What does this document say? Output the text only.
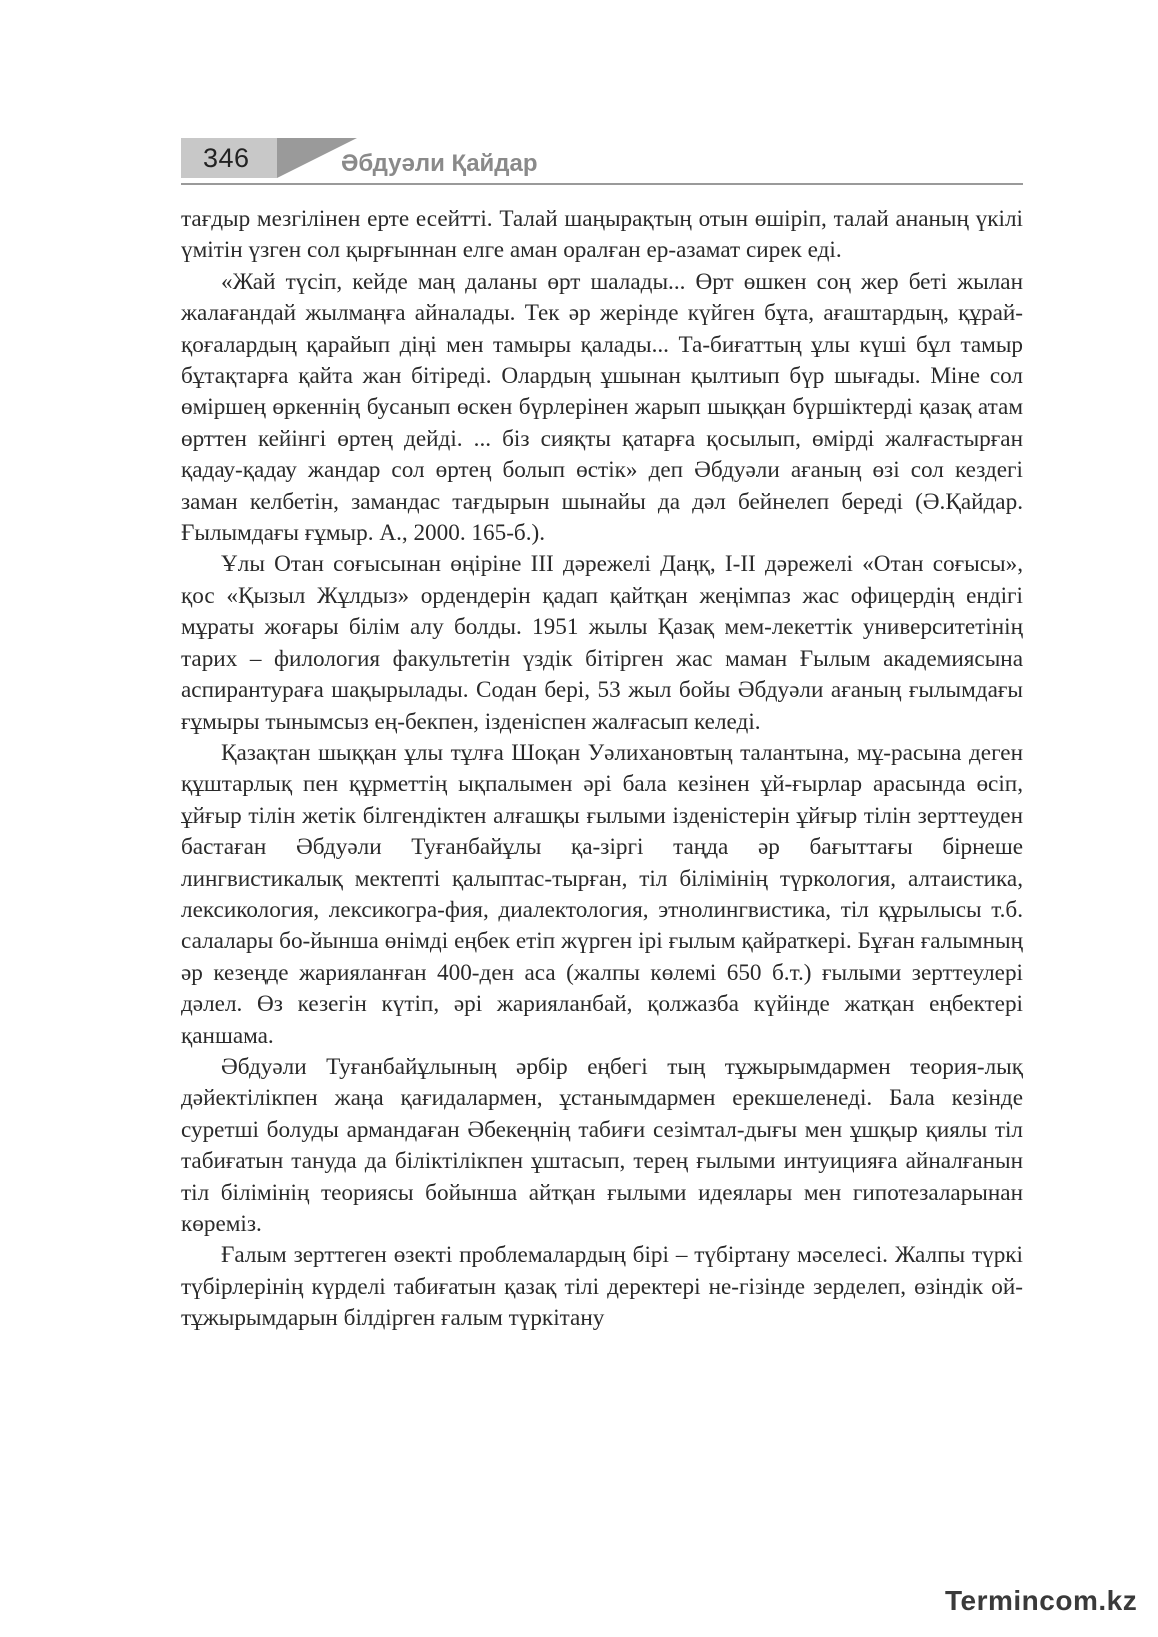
346	Әбдуәли Қайдар

тағдыр мезгілінен ерте есейтті. Талай шаңырақтың отын өшіріп, талай ананың үкілі үмітін үзген сол қырғыннан елге аман оралған ер-азамат сирек еді.

«Жай түсіп, кейде маң даланы өрт шалады... Өрт өшкен соң жер беті жылан жалағандай жылмаңға айналады. Тек әр жерінде күйген бұта, ағаштардың, құрай-қоғалардың қарайып діңі мен тамыры қалады... Та-биғаттың ұлы күші бұл тамыр бұтақтарға қайта жан бітіреді. Олардың ұшынан қылтиып бүр шығады. Міне сол өміршең өркеннің бусанып өскен бүрлерінен жарып шыққан бүршіктерді қазақ атам өрттен кейінгі өртең дейді. ... біз сияқты қатарға қосылып, өмірді жалғастырған қадау-қадау жандар сол өртең болып өстік» деп Әбдуәли ағаның өзі сол кездегі заман келбетін, замандас тағдырын шынайы да дәл бейнелеп береді (Ә.Қайдар. Ғылымдағы ғұмыр. А., 2000. 165-б.).

Ұлы Отан соғысынан өңіріне ІІІ дәрежелі Даңқ, І-ІІ дәрежелі «Отан соғысы», қос «Қызыл Жұлдыз» ордендерін қадап қайтқан жеңімпаз жас офицердің ендігі мұраты жоғары білім алу болды. 1951 жылы Қазақ мем-лекеттік университетінің тарих – филология факультетін үздік бітірген жас маман Ғылым академиясына аспирантураға шақырылады. Содан бері, 53 жыл бойы Әбдуәли ағаның ғылымдағы ғұмыры тынымсыз ең-бекпен, ізденіспен жалғасып келеді.

Қазақтан шыққан ұлы тұлға Шоқан Уәлихановтың талантына, мұ-расына деген құштарлық пен құрметтің ықпалымен әрі бала кезінен ұй-ғырлар арасында өсіп, ұйғыр тілін жетік білгендіктен алғашқы ғылыми ізденістерін ұйғыр тілін зерттеуден бастаған Әбдуәли Туғанбайұлы қа-зіргі таңда әр бағыттағы бірнеше лингвистикалық мектепті қалыптас-тырған, тіл білімінің түркология, алтаистика, лексикология, лексикогра-фия, диалектология, этнолингвистика, тіл құрылысы т.б. салалары бо-йынша өнімді еңбек етіп жүрген ірі ғылым қайраткері. Бұған ғалымның әр кезеңде жарияланған 400-ден аса (жалпы көлемі 650 б.т.) ғылыми зерттеулері дәлел. Өз кезегін күтіп, әрі жарияланбай, қолжазба күйінде жатқан еңбектері қаншама.

Әбдуәли Туғанбайұлының әрбір еңбегі тың тұжырымдармен теория-лық дәйектілікпен жаңа қағидалармен, ұстанымдармен ерекшеленеді. Бала кезінде суретші болуды армандаған Әбекеңнің табиғи сезімтал-дығы мен ұшқыр қиялы тіл табиғатын тануда да біліктілікпен ұштасып, терең ғылыми интуицияға айналғанын тіл білімінің теориясы бойынша айтқан ғылыми идеялары мен гипотезаларынан көреміз.

Ғалым зерттеген өзекті проблемалардың бірі – түбіртану мәселесі. Жалпы түркі түбірлерінің күрделі табиғатын қазақ тілі деректері не-гізінде зерделеп, өзіндік ой-тұжырымдарын білдірген ғалым түркітану

Termincom.kz
